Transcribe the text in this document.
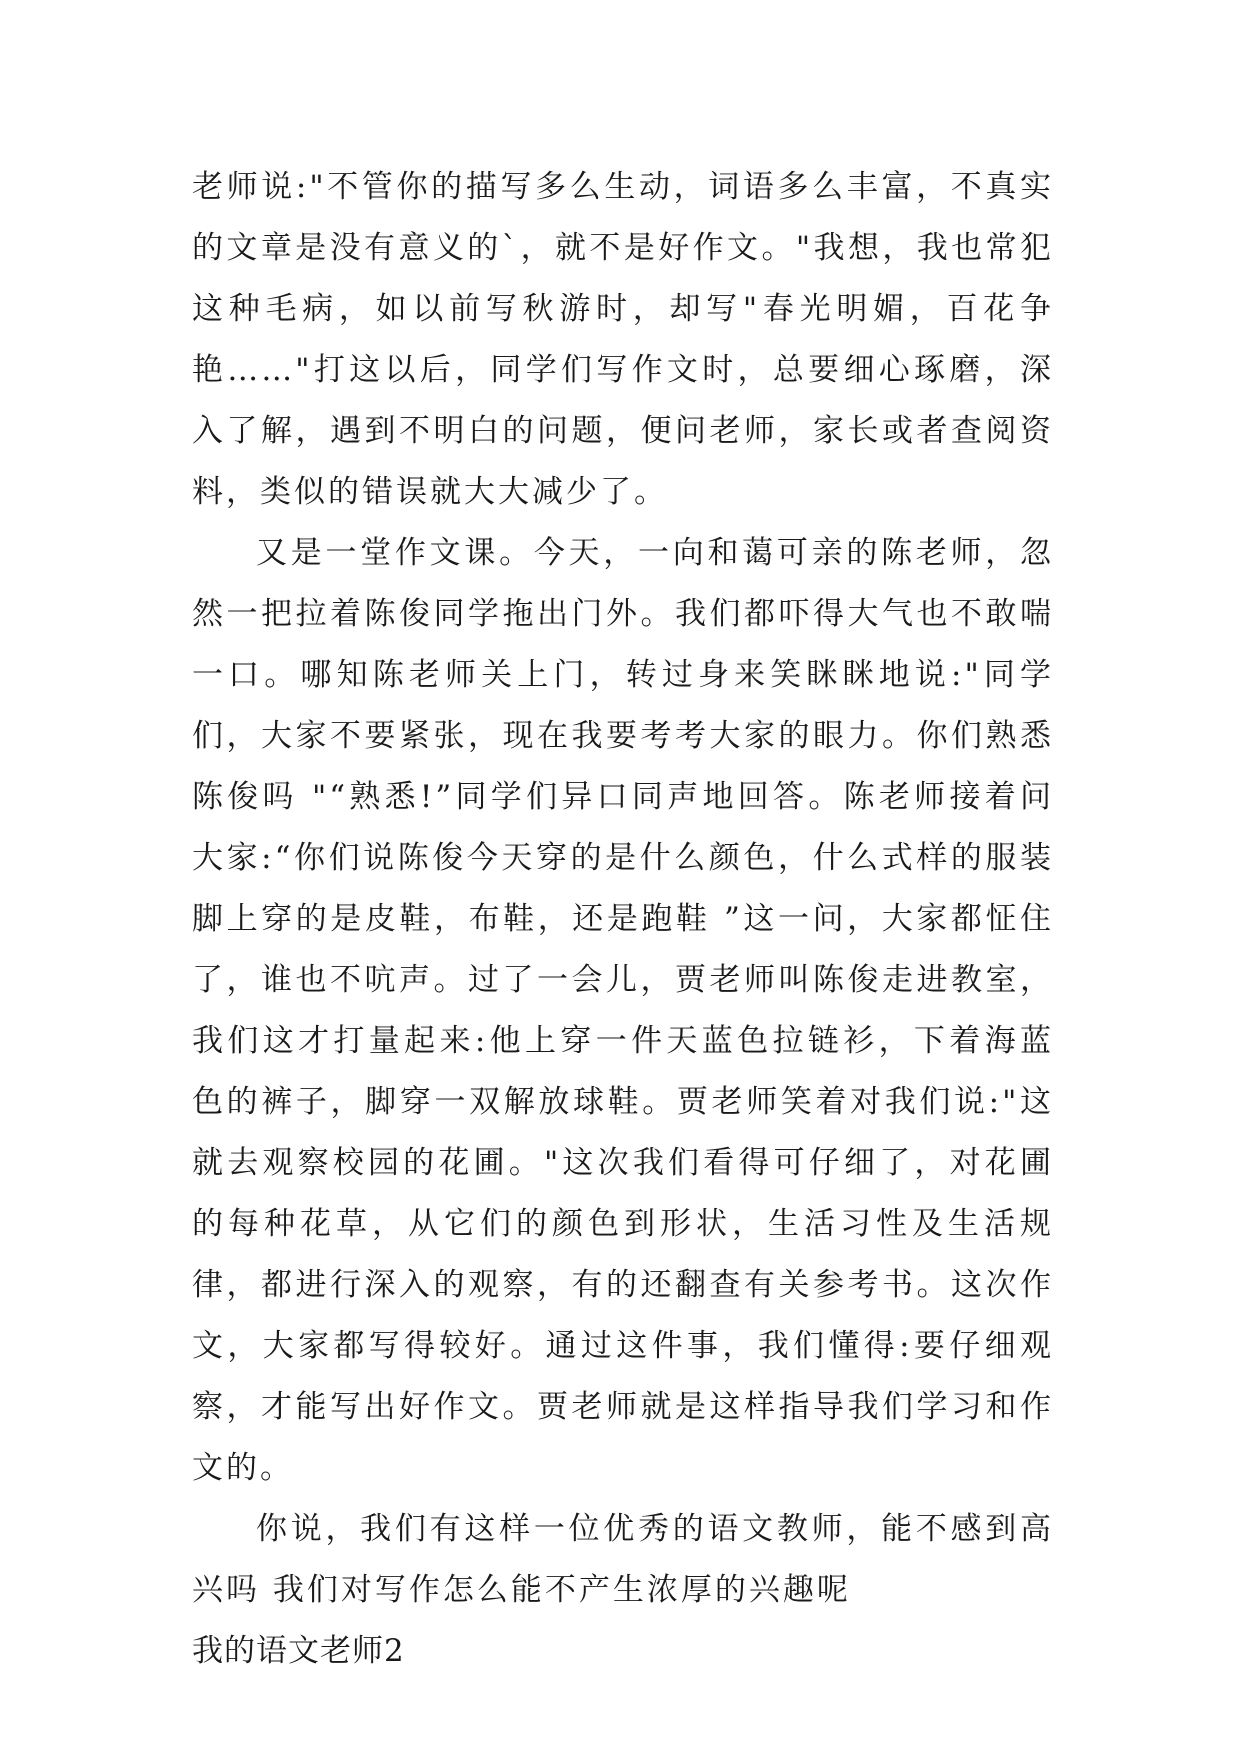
老师说:"不管你的描写多么生动，词语多么丰富，不真实的文章是没有意义的`，就不是好作文。"我想，我也常犯这种毛病，如以前写秋游时，却写"春光明媚，百花争艳……"打这以后，同学们写作文时，总要细心琢磨，深入了解，遇到不明白的问题，便问老师，家长或者查阅资料，类似的错误就大大减少了。

又是一堂作文课。今天，一向和蔼可亲的陈老师，忽然一把拉着陈俊同学拖出门外。我们都吓得大气也不敢喘一口。哪知陈老师关上门，转过身来笑眯眯地说:"同学们，大家不要紧张，现在我要考考大家的眼力。你们熟悉陈俊吗 "“熟悉!”同学们异口同声地回答。陈老师接着问大家:“你们说陈俊今天穿的是什么颜色，什么式样的服装 脚上穿的是皮鞋，布鞋，还是跑鞋 ”这一问，大家都怔住了，谁也不吭声。过了一会儿，贾老师叫陈俊走进教室，我们这才打量起来:他上穿一件天蓝色拉链衫，下着海蓝色的裤子，脚穿一双解放球鞋。贾老师笑着对我们说:"这就去观察校园的花圃。"这次我们看得可仔细了，对花圃的每种花草，从它们的颜色到形状，生活习性及生活规律，都进行深入的观察，有的还翻查有关参考书。这次作文，大家都写得较好。通过这件事，我们懂得:要仔细观察，才能写出好作文。贾老师就是这样指导我们学习和作文的。

你说，我们有这样一位优秀的语文教师，能不感到高兴吗 我们对写作怎么能不产生浓厚的兴趣呢

我的语文老师2
